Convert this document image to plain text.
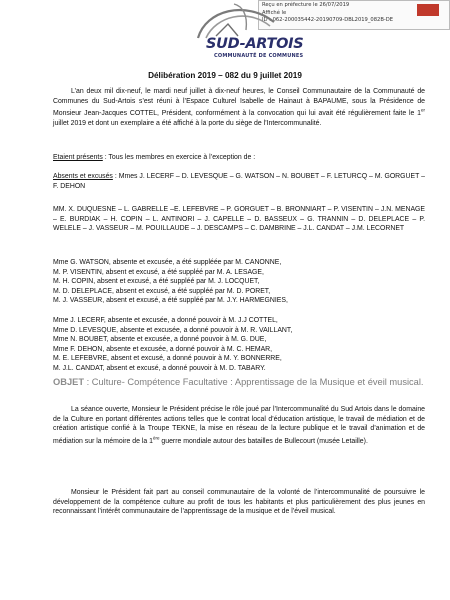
Reçu en préfecture le 26/07/2019
Affiché le
ID : 062-200035442-20190709-DBL2019_082B-DE
SUD-ARTOIS
COMMUNAUTÉ DE COMMUNES
Délibération 2019 – 082 du 9 juillet 2019

L’an deux mil dix-neuf, le mardi neuf juillet à dix-neuf heures, le Conseil Communautaire de la Communauté de Communes du Sud-Artois s’est réuni à l’Espace Culturel Isabelle de Hainaut à BAPAUME, sous la Présidence de Monsieur Jean-Jacques COTTEL, Président, conformément à la convocation qui lui avait été régulièrement faite le 1er juillet 2019 et dont un exemplaire a été affiché à la porte du siège de l’Intercommunalité.

Etaient présents : Tous les membres en exercice à l’exception de :

Absents et excusés : Mmes J. LECERF – D. LEVESQUE – G. WATSON – N. BOUBET – F. LETURCQ – M. GORGUET – F. DEHON

MM. X. DUQUESNE – L. GABRELLE –E. LEFEBVRE – P. GORGUET – B. BRONNIART – P. VISENTIN – J.N. MENAGE – E. BURDIAK – H. COPIN – L. ANTINORI – J. CAPELLE – D. BASSEUX – G. TRANNIN – D. DELEPLACE – P. WELELE – J. VASSEUR – M. POUILLAUDE – J. DESCAMPS – C. DAMBRINE – J.L. CANDAT – J.M. LECORNET

Mme G. WATSON, absente et excusée, a été suppléée par M. CANONNE,
M. P. VISENTIN, absent et excusé, a été suppléé par M. A. LESAGE,
M. H. COPIN, absent et excusé, a été suppléé par M. J. LOCQUET,
M. D. DELEPLACE, absent et excusé, a été suppléé par M. D. PORET,
M. J. VASSEUR, absent et excusé, a été suppléé par M. J.Y. HARMEGNIES,
Mme J. LECERF, absente et excusée, a donné pouvoir à M. J.J COTTEL,
Mme D. LEVESQUE, absente et excusée, a donné pouvoir à M. R. VAILLANT,
Mme N. BOUBET, absente et excusée, a donné pouvoir à M. G. DUE,
Mme F. DEHON, absente et excusée, a donné pouvoir à M. C. HEMAR,
M. E. LEFEBVRE, absent et excusé, a donné pouvoir à M. Y. BONNERRE,
M. J.L. CANDAT, absent et excusé, a donné pouvoir à M. D. TABARY.
OBJET : Culture- Compétence Facultative : Apprentissage de la Musique et éveil musical.

La séance ouverte, Monsieur le Président précise le rôle joué par l’Intercommunalité du Sud Artois dans le domaine de la Culture en portant différentes actions telles que le contrat local d’éducation artistique, le travail de médiation et de création artistique confié à la Troupe TEKNE, la mise en réseau de la lecture publique et le travail d’animation et de médiation sur la mémoire de la 1ère guerre mondiale autour des batailles de Bullecourt (musée Letaille).

Monsieur le Président fait part au conseil communautaire de la volonté de l’intercommunalité de poursuivre le développement de la compétence culture au profit de tous les habitants et plus particulièrement des plus jeunes en reconnaissant l’intérêt communautaire de l’apprentissage de la musique et de l’éveil musical.
